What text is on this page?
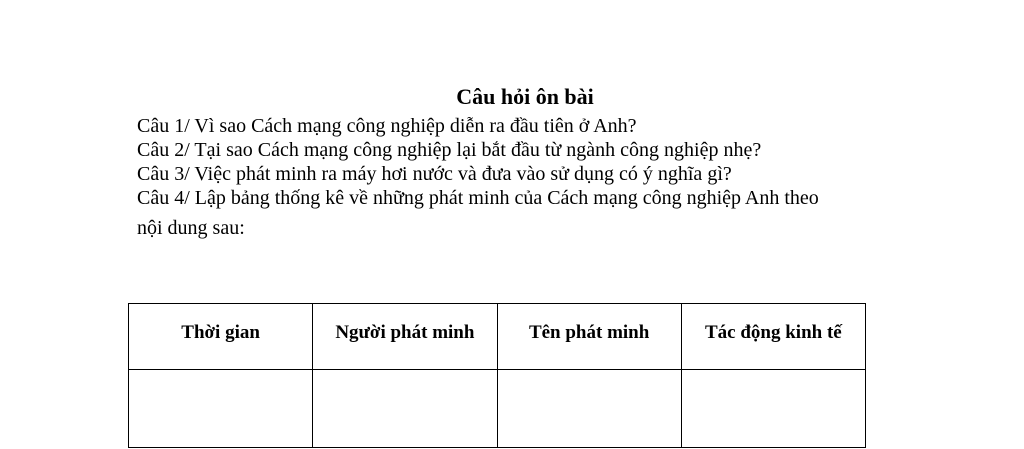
Câu hỏi ôn bài
Câu 1/ Vì sao Cách mạng công nghiệp diễn ra đầu tiên ở Anh?
Câu 2/ Tại sao Cách mạng công nghiệp lại bắt đầu từ ngành công nghiệp nhẹ?
Câu 3/ Việc phát minh ra máy hơi nước và đưa vào sử dụng có ý nghĩa gì?
Câu 4/ Lập bảng thống kê về những phát minh của Cách mạng công nghiệp Anh theo
nội dung sau:
Thời gian	Người phát minh	Tên phát minh	Tác động kinh tế
